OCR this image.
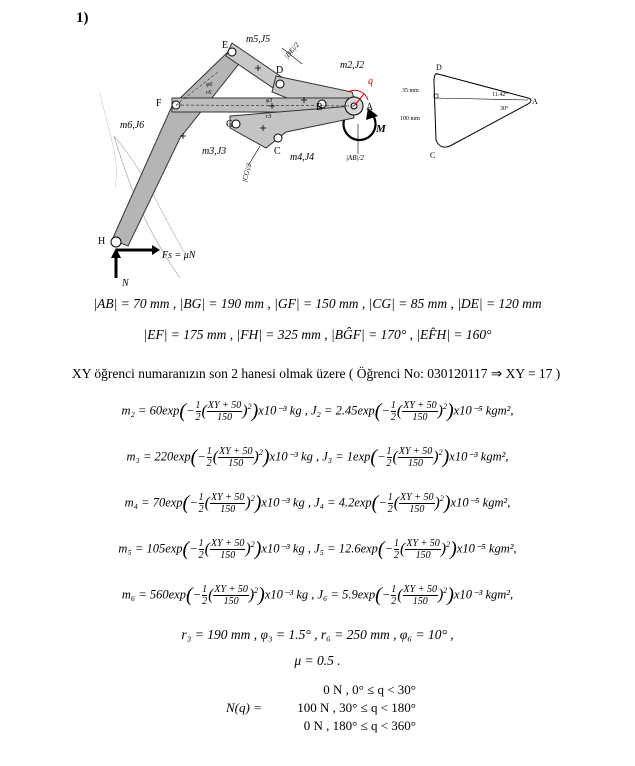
1)
E
D
F
G
C
B	A
H
m5,J5
m2,J2
m6,J6
m3,J3
m4,J4
q
M
Fs = μN
N
|DE|/2
|AB|/2
|CG|/2
φ6
r6
φ3
r3
D
A
C
35 mm
100 mm
11.42°
30°
|AB| = 70 mm , |BG| = 190 mm , |GF| = 150 mm , |CG| = 85 mm , |DE| = 120 mm
|EF| = 175 mm , |FH| = 325 mm , |BĜF| = 170° , |EF̂H| = 160°
XY öğrenci numaranızın son 2 hanesi olmak üzere ( Öğrenci No: 030120117 ⇒ XY = 17 )
$m_2 = 60\exp(- \frac{1}{2}$ ( $\frac{XY + 50}{150} )^2)x10^{-3}$ kg , $J_2 = 2.45\exp(- \frac{1}{2}$ ( $\frac{XY + 50}{150} )^2)x10^{-5}$ kgm²,
$m_3 = 220\exp(- \frac{1}{2}$ ( $\frac{XY + 50}{150} )^2)x10^{-3}$ kg , $J_3 = 1\exp(- \frac{1}{2}$ ( $\frac{XY + 50}{150} )^2)x10^{-3}$ kgm²,
$m_4 = 70\exp(- \frac{1}{2}$ ( $\frac{XY + 50}{150} )^2)x10^{-3}$ kg , $J_4 = 4.2\exp(- \frac{1}{2}$ ( $\frac{XY + 50}{150} )^2)x10^{-5}$ kgm²,
$m_5 = 105\exp(- \frac{1}{2}$ ( $\frac{XY + 50}{150} )^2)x10^{-3}$ kg , $J_5 = 12.6\exp(- \frac{1}{2}$ ( $\frac{XY + 50}{150} )^2)x10^{-5}$ kgm²,
$m_6 = 560\exp(- \frac{1}{2}$ ( $\frac{XY + 50}{150} )^2)x10^{-3}$ kg , $J_6 = 5.9\exp(- \frac{1}{2}$ ( $\frac{XY + 50}{150} )^2)x10^{-3}$ kgm²,
r₃ = 190 mm , φ₃ = 1.5° , r₆ = 250 mm , φ₆ = 10° ,
μ = 0.5 .
N(q) =
0 N , 0° ≤ q < 30°
100 N , 30° ≤ q < 180°
0 N , 180° ≤ q < 360°
